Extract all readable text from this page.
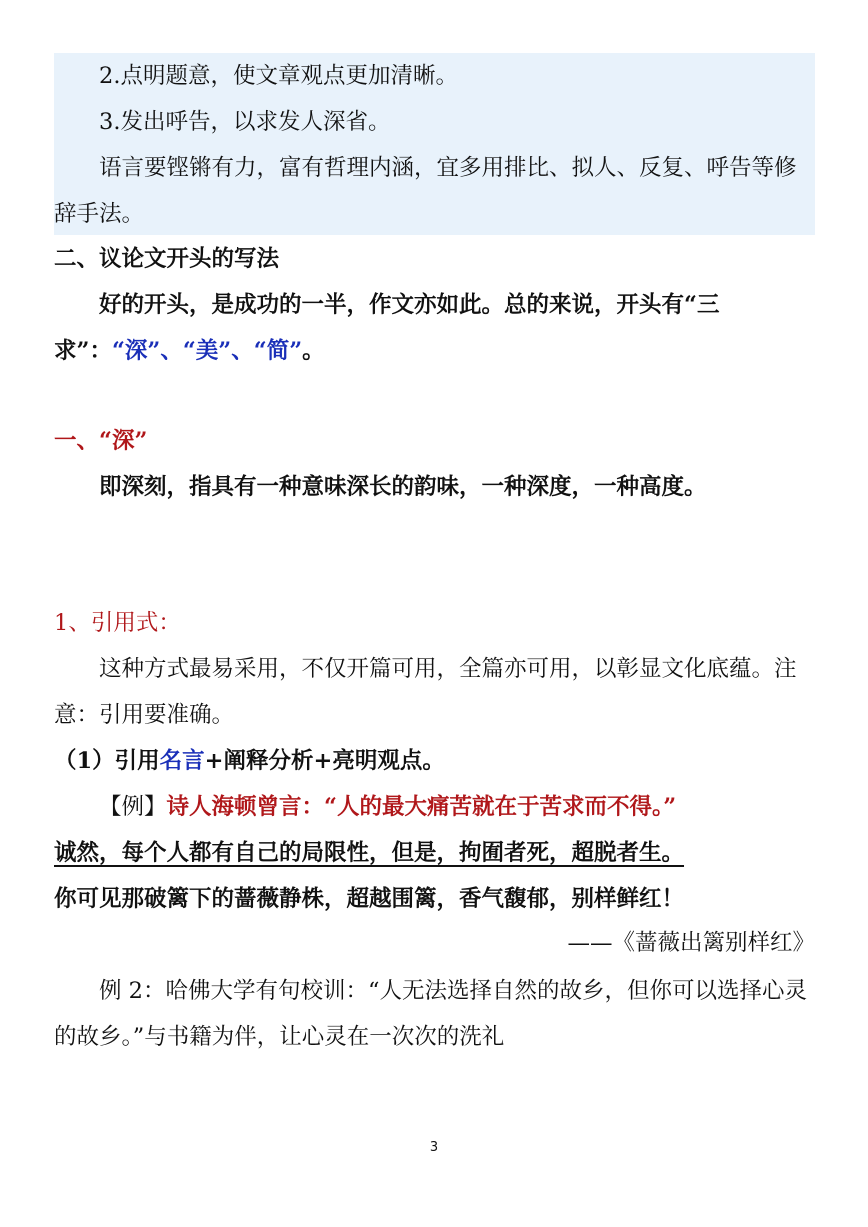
2.点明题意，使文章观点更加清晰。
3.发出呼告，以求发人深省。
语言要铿锵有力，富有哲理内涵，宜多用排比、拟人、反复、呼告等修辞手法。
二、议论文开头的写法
好的开头，是成功的一半，作文亦如此。总的来说，开头有“三求”：“深”、“美”、“简”。
一、“深”
即深刻，指具有一种意味深长的韵味，一种深度，一种高度。
1、引用式：
这种方式最易采用，不仅开篇可用，全篇亦可用，以彰显文化底蕴。注意：引用要准确。
（1）引用名言+阐释分析+亮明观点。
【例】诗人海顿曾言：“人的最大痛苦就在于苦求而不得。”
诚然，每个人都有自己的局限性，但是，拘囿者死，超脱者生。
你可见那破篱下的蔷薇静株，超越围篱，香气馥郁，别样鲜红！
——《蔷薇出篱别样红》
例 2：哈佛大学有句校训：“人无法选择自然的故乡，但你可以选择心灵的故乡。”与书籍为伴，让心灵在一次次的洗礼
3
